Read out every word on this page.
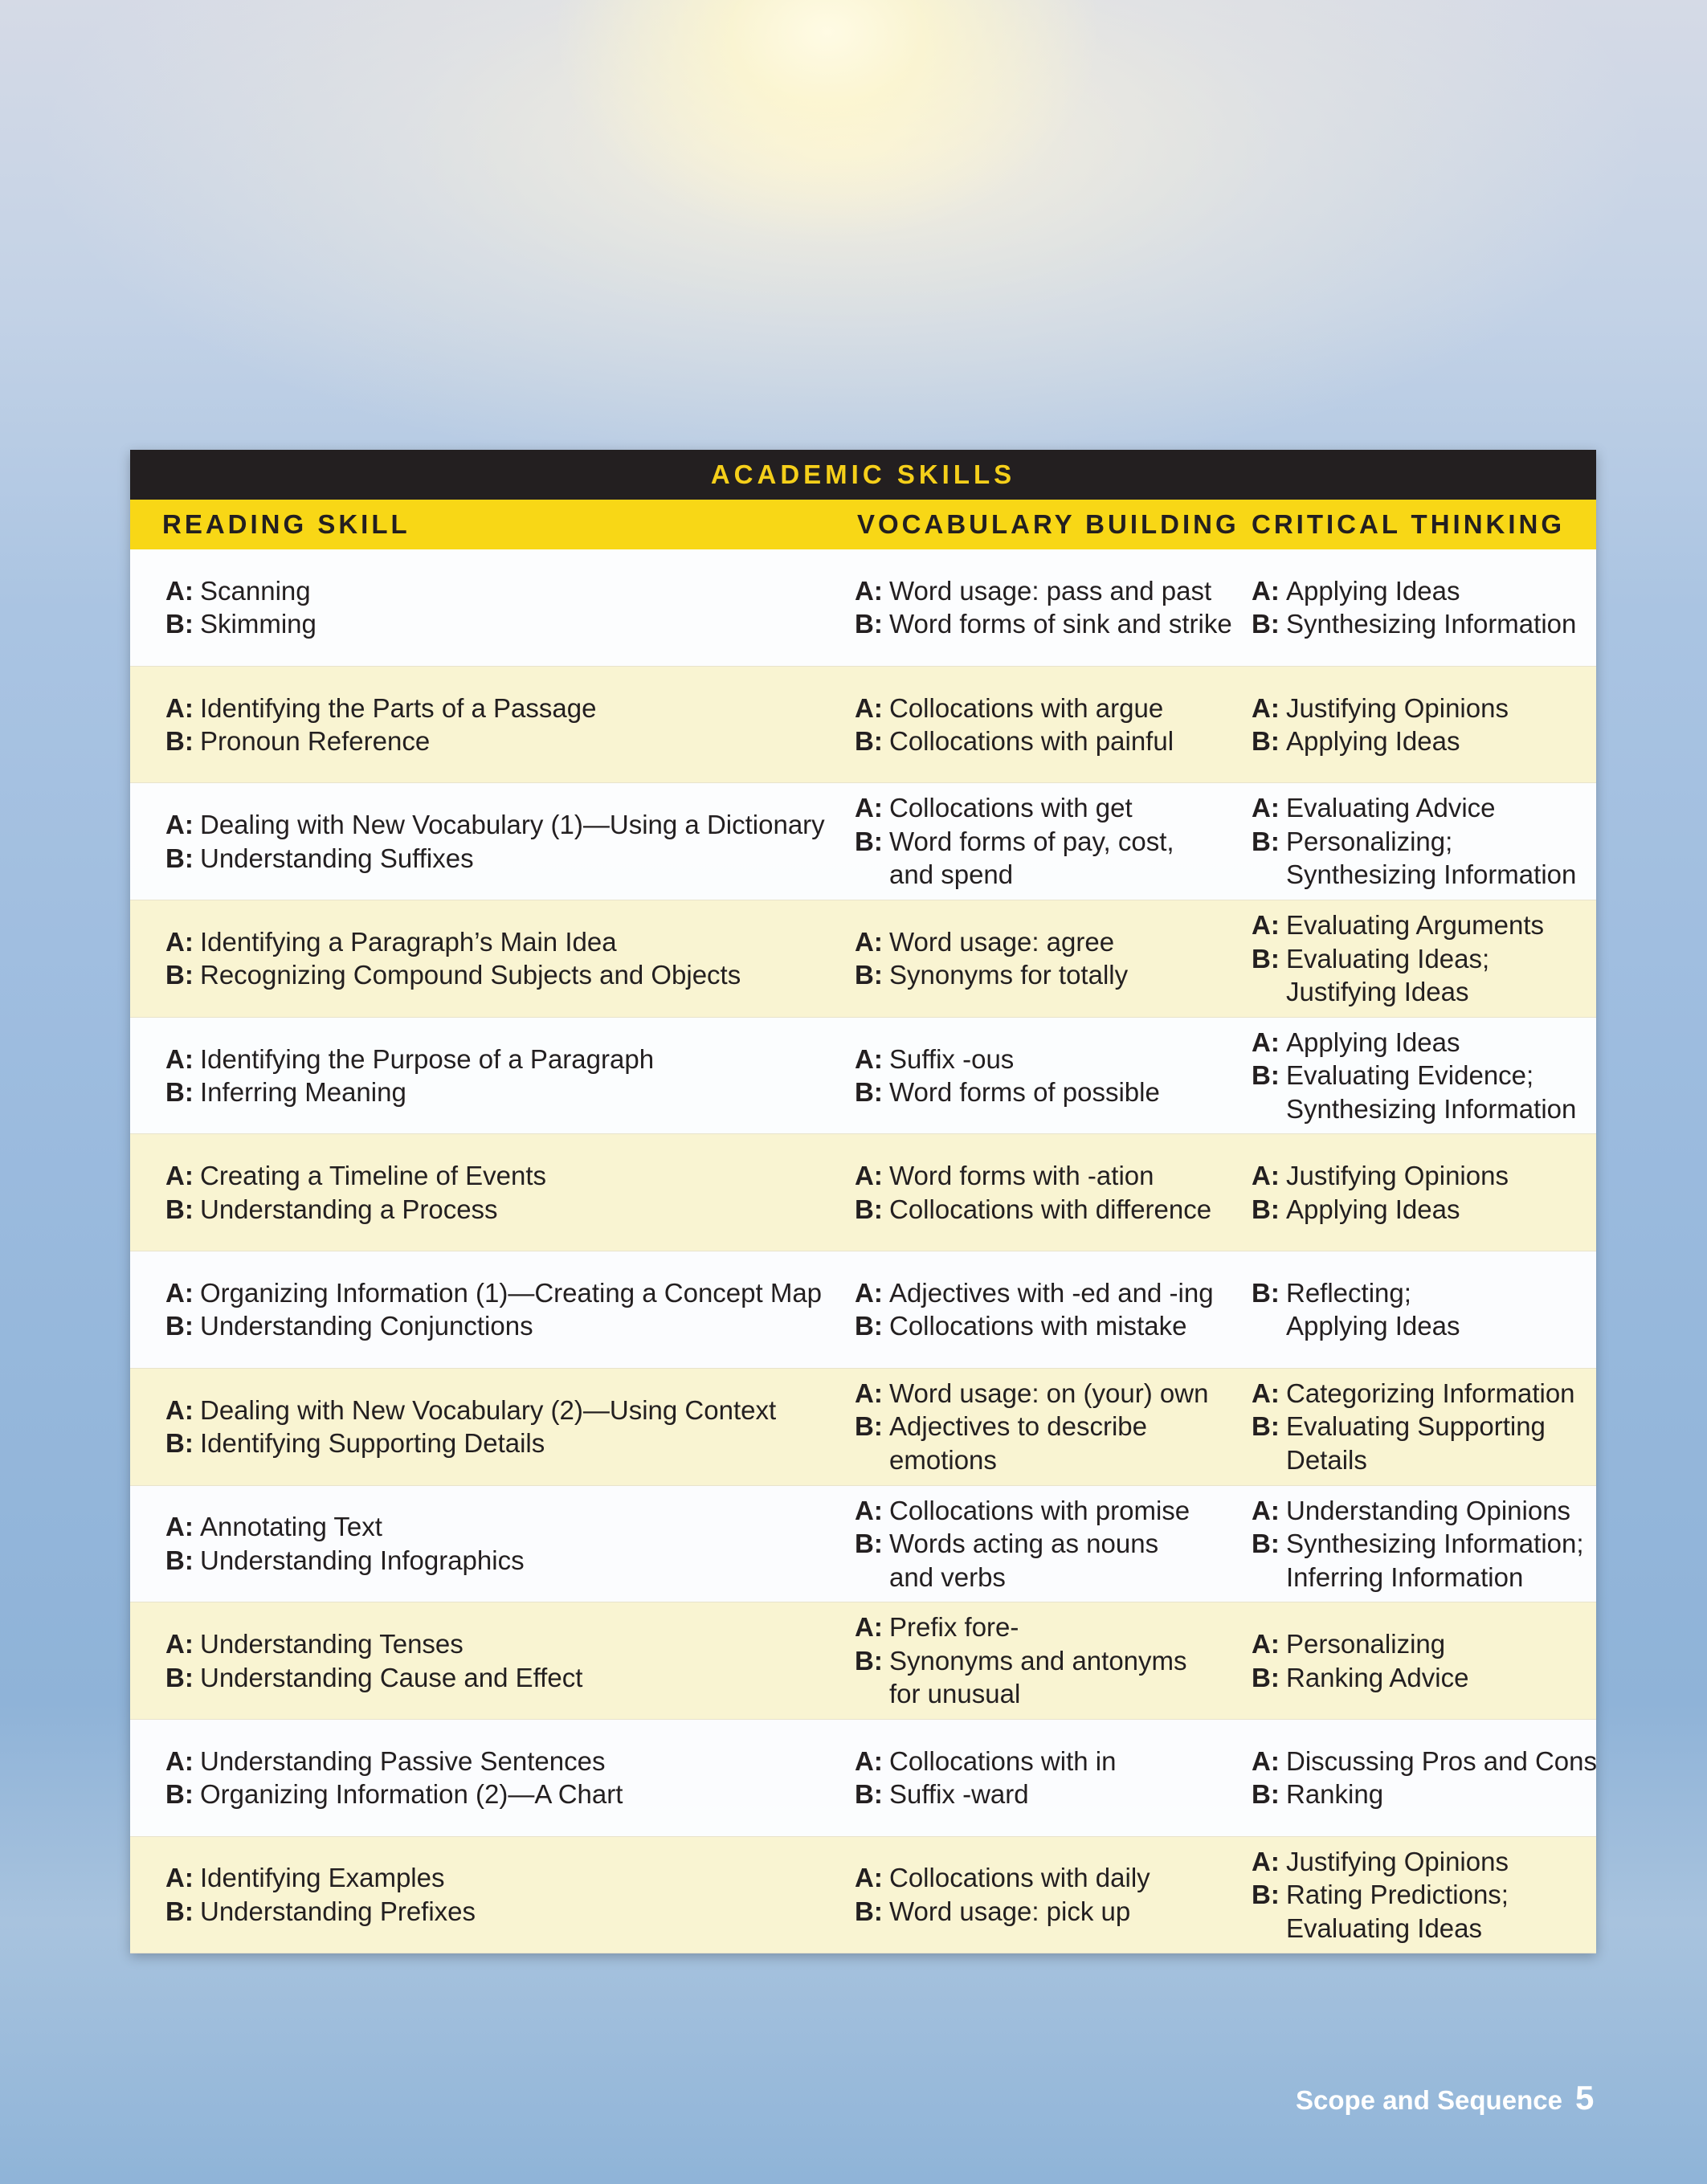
ACADEMIC SKILLS
READING SKILL	VOCABULARY BUILDING CRITICAL THINKING
A: Scanning
B: Skimming
A: Word usage: pass and past
B: Word forms of sink and strike
A: Applying Ideas
B: Synthesizing Information
A: Identifying the Parts of a Passage
B: Pronoun Reference
A: Collocations with argue
B: Collocations with painful
A: Justifying Opinions
B: Applying Ideas
A: Dealing with New Vocabulary (1)—Using a Dictionary
B: Understanding Suffixes
A: Collocations with get
B: Word forms of pay, cost,
and spend
A: Evaluating Advice
B: Personalizing;
Synthesizing Information
A: Identifying a Paragraph’s Main Idea
B: Recognizing Compound Subjects and Objects
A: Word usage: agree
B: Synonyms for totally
A: Evaluating Arguments
B: Evaluating Ideas;
Justifying Ideas
A: Identifying the Purpose of a Paragraph
B: Inferring Meaning
A: Suffix -ous
B: Word forms of possible
A: Applying Ideas
B: Evaluating Evidence;
Synthesizing Information
A: Creating a Timeline of Events
B: Understanding a Process
A: Word forms with -ation
B: Collocations with difference
A: Justifying Opinions
B: Applying Ideas
A: Organizing Information (1)—Creating a Concept Map
B: Understanding Conjunctions
A: Adjectives with -ed and -ing
B: Collocations with mistake
B: Reflecting;
Applying Ideas
A: Dealing with New Vocabulary (2)—Using Context
B: Identifying Supporting Details
A: Word usage: on (your) own
B: Adjectives to describe
emotions
A: Categorizing Information
B: Evaluating Supporting
Details
A: Annotating Text
B: Understanding Infographics
A: Collocations with promise
B: Words acting as nouns
and verbs
A: Understanding Opinions
B: Synthesizing Information;
Inferring Information
A: Understanding Tenses
B: Understanding Cause and Effect
A: Prefix fore-
B: Synonyms and antonyms
for unusual
A: Personalizing
B: Ranking Advice
A: Understanding Passive Sentences
B: Organizing Information (2)—A Chart
A: Collocations with in
B: Suffix -ward
A: Discussing Pros and Cons
B: Ranking
A: Identifying Examples
B: Understanding Prefixes
A: Collocations with daily
B: Word usage: pick up
A: Justifying Opinions
B: Rating Predictions;
Evaluating Ideas
Scope and Sequence 5
